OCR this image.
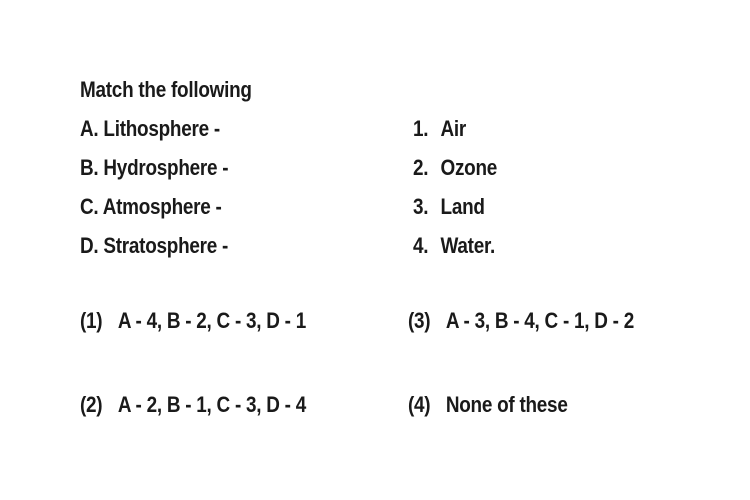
Match the following
A. Lithosphere -
B. Hydrosphere -
C. Atmosphere -
D. Stratosphere -
1. Air
2. Ozone
3. Land
4. Water.
(1) A - 4, B - 2, C - 3, D - 1	(3) A - 3, B - 4, C - 1, D - 2
(2) A - 2, B - 1, C - 3, D - 4	(4) None of these
